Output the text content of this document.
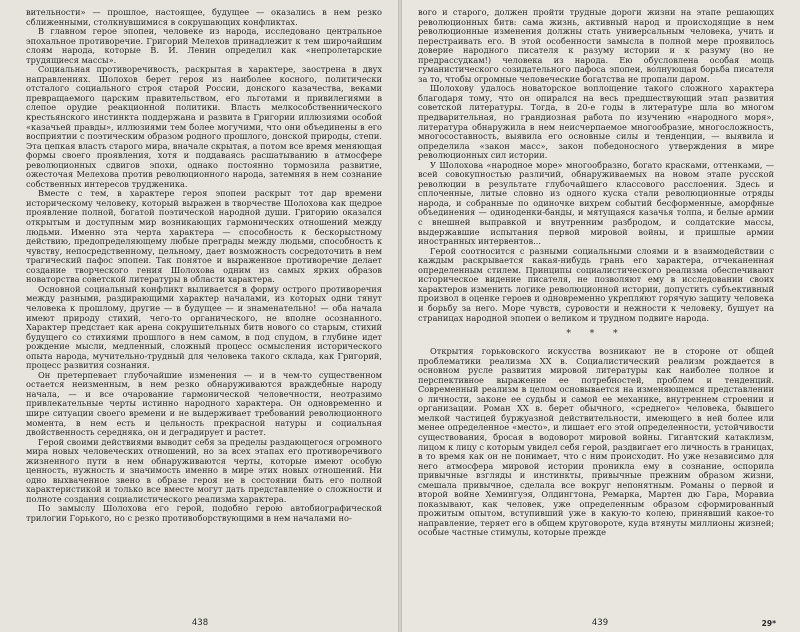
вительности» — прошлое, настоящее, будущее — оказались в нем резко сближенными, столкнувшимися в сокрушающих конфликтах.

В главном герое эпопеи, человеке из народа, исследовано центральное эпохальное противоречие. Григорий Мелехов принадлежит к тем широчайшим слоям народа, которые В. И. Ленин определил как «непролетарские трудящиеся массы».

Социальная противоречивость, раскрытая в характере, заострена в двух направлениях. Шолохов берет героя из наиболее косного, политически отсталого социального строя старой России, донского казачества, веками превращаемого царским правительством, его льготами и привилегиями в слепое орудие реакционной политики. Власть мелкособственнического крестьянского инстинкта поддержана и развита в Григории иллюзиями особой «казачьей правды», иллюзиями тем более могучими, что они объединены в его восприятии с поэтическим образом родного прошлого, донской природы, степи. Эта цепкая власть старого мира, вначале скрытая, а потом все время меняющая формы своего проявления, хотя и поддаваясь расшатыванию в атмосфере революционных сдвигов эпохи, однако постоянно тормозила развитие, ожесточая Мелехова против революционного народа, затемняя в нем сознание собственных интересов трудженика.

Вместе с тем, в характере героя эпопеи раскрыт тот дар времени историческому человеку, который выражен в творчестве Шолохова как щедрое проявление полной, богатой поэтической народной души. Григорию оказался открытым и доступным мир возникающих гармонических отношений между людьми. Именно эта черта характера — способность к бескорыстному действию, предопределяющему любые преграды между людьми, способность к чувству, непосредственному, цельному, дает возможность сосредоточить в нем трагический пафос эпопеи. Так понятое и выраженное противоречие делает создание творческого гения Шолохова одним из самых ярких образов новаторства советской литературы в области характера.

Основной социальный конфликт выливается в форму острого противоречия между разными, раздирающими характер началами, из которых одни тянут человека к прошлому, другие — в будущее — и знаменательно! — оба начала имеют природу стихий, чего-то органического, не вполне осознанного. Характер предстает как арена сокрушительных битв нового со старым, стихий будущего со стихиями прошлого в нем самом, в под спудом, в глубине идет рождение мысли, медленный, сложный процесс осмысления исторического опыта народа, мучительно-трудный для человека такого склада, как Григорий, процесс развития сознания.

Он претерпевает глубочайшие изменения — и в чем-то существенном остается неизменным, в нем резко обнаруживаются враждебные народу начала, — и все очарование гармонической человечности, неотразимо привлекательные черты истинно народного характера. Он одновременно и шире ситуации своего времени и не выдерживает требований революционного момента, в нем есть и цельность прекрасной натуры и социальная двойственность середняка, он и деградирует и растет.

Герой своими действиями выводит себя за пределы раздающегося огромного мира новых человеческих отношений, но за всех этапах его противоречивого жизненного пути в нем обнаруживаются черты, которые имеют особую ценность, нужность и значимость именно в мире этих новых отношений. Ни одно выхваченное звено в образе героя не в состоянии быть его полной характеристикой и только все вместе могут дать представление о сложности и полноте создания социалистического реализма характера.

По замыслу Шолохова его герой, подобно герою автобиографической трилогии Горького, но с резко противоборствующими в нем началами но-

438

вого и старого, должен пройти трудные дороги жизни на этапе решающих революционных битв: сама жизнь, активный народ и происходящие в нем революционные изменения должны стать универсальным человека, учить и перестраивать его. В этой особенности замысла в полной мере проявилось доверие народного писателя к разуму истории и к разуму (но не предрассудкам!) человека из народа. Ею обусловлена особая мощь гуманистического созидательного пафоса эпопеи, волнующая борьба писателя за то, чтобы огромные человеческие богатства не пропали даром.

Шолохову удалось новаторское воплощение такого сложного характера благодаря тому, что он опирался на весь предшествующий этап развития советской литературы. Тогда, в 20-е годы в литературе шла во многом предварительная, но грандиозная работа по изучению «народного моря», литература обнаружила в нем неисчерпаемое многообразие, многосложность, многосоставность, выявила его основные силы и тенденции, — выявила и определила «закон масс», закон победоносного утверждения в мире революционных сил истории.

У Шолохова «народное море» многообразно, богато красками, оттенками, — всей совокупностью различий, обнаруживаемых на новом этапе русской революции в результате глубочайшего классового расслоения. Здесь и сплоченные, литые словно из одного куска стали революционные отряды народа, и собранные по одиночке вихрем событий бесформенные, аморфные объединения — одиноденки-банды, и мятущаяся казачья толпа, и белые армии с внешней выправкой и внутренним разбродом, и солдатские массы, выдержавшие испытания первой мировой войны, и пришлые армии иностранных интервентов...

Герой соотносится с разными социальными слоями и в взаимодействии с каждым раскрывается какая-нибудь грань его характера, отчеканенная определенным стилем. Принципы социалистического реализма обеспечивают историческое видение писателя, не позволяют ему в исследовании своих характеров изменить логике революционной истории, допустить субъективный произвол в оценке героев и одновременно укрепляют горячую защиту человека и борьбу за него. Море чувств, суровости и нежности к человеку, бушует на страницах народной эпопеи о великом и трудном подвиге народа.

* * *

Открытия горьковского искусства возникают не в стороне от общей проблематики реализма XX в. Социалистический реализм рождается в основном русле развития мировой литературы как наиболее полное и перспективное выражение ее потребностей, проблем и тенденций. Современный реализм в целом основывается на изменяющемся представлении о личности, законе ее судьбы и самой ее механике, внутреннем строении и организации. Роман XX в. берет обычного, «среднего» человека, бывшего мелкой частицей буржуазной действительности, имеющего в ней более или менее определенное «место», и лишает его этой определенности, устойчивости существования, бросая в водоворот мировой войны. Гигантский катаклизм, лицом к лицу с которым увидел себя герой, раздвигает его личность в границах, в то время как он не понимает, что с ним происходит. Но уже независимо для него атмосфера мировой истории проникла ему в сознание, оспорила привычные взгляды и инстинкты, привычные прежним образом жизни, смешала привычное, сделала все вокруг непонятным. Романы о первой и второй войне Хемингуэя, Олдингтона, Ремарка, Мартен дю Гара, Моравиа показывают, как человек, уже определенным образом сформированный прожитым опытом, вступивший уже в какую-то колею, принявший какое-то направление, теряет его в общем круговороте, куда втянуты миллионы жизней; особые частные стимулы, которые прежде

439	29*
